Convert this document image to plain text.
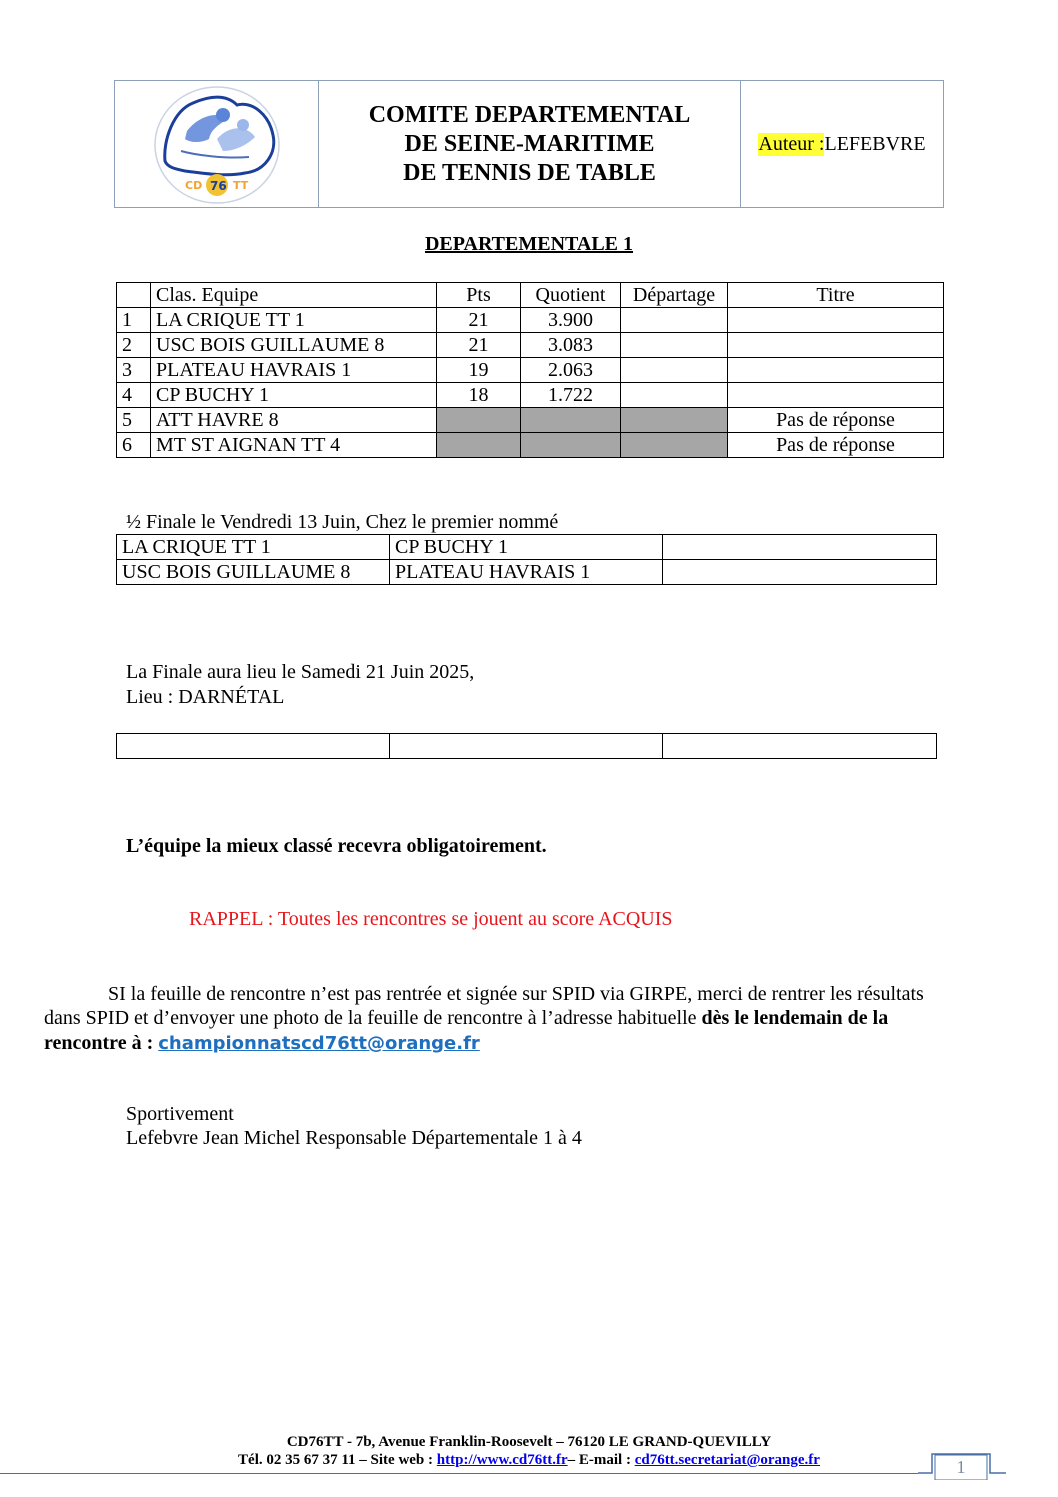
CD 76 TT
COMITE DEPARTEMENTAL
DE SEINE-MARITIME
DE TENNIS DE TABLE
Auteur : LEFEBVRE
DEPARTEMENTALE 1
	Clas. Equipe	Pts	Quotient	Départage	Titre
1	LA CRIQUE TT 1	21	3.900		
2	USC BOIS GUILLAUME 8	21	3.083		
3	PLATEAU HAVRAIS 1	19	2.063		
4	CP BUCHY 1	18	1.722		
5	ATT HAVRE 8				Pas de réponse
6	MT ST AIGNAN TT 4				Pas de réponse
½ Finale le Vendredi 13 Juin, Chez le premier nommé
LA CRIQUE TT 1	CP BUCHY 1	
USC BOIS GUILLAUME 8	PLATEAU HAVRAIS 1	
La Finale aura lieu le Samedi 21 Juin 2025,
Lieu : DARNÉTAL

L’équipe la mieux classé recevra obligatoirement.
RAPPEL : Toutes les rencontres se jouent au score ACQUIS
SI la feuille de rencontre n’est pas rentrée et signée sur SPID via GIRPE, merci de rentrer les résultats
dans SPID et d’envoyer une photo de la feuille de rencontre à l’adresse habituelle dès le lendemain de la
rencontre à : championnatscd76tt@orange.fr
Sportivement
Lefebvre Jean Michel Responsable Départementale 1 à 4
CD76TT - 7b, Avenue Franklin-Roosevelt – 76120 LE GRAND-QUEVILLY
Tél. 02 35 67 37 11 – Site web : http://www.cd76tt.fr– E-mail : cd76tt.secretariat@orange.fr	1
